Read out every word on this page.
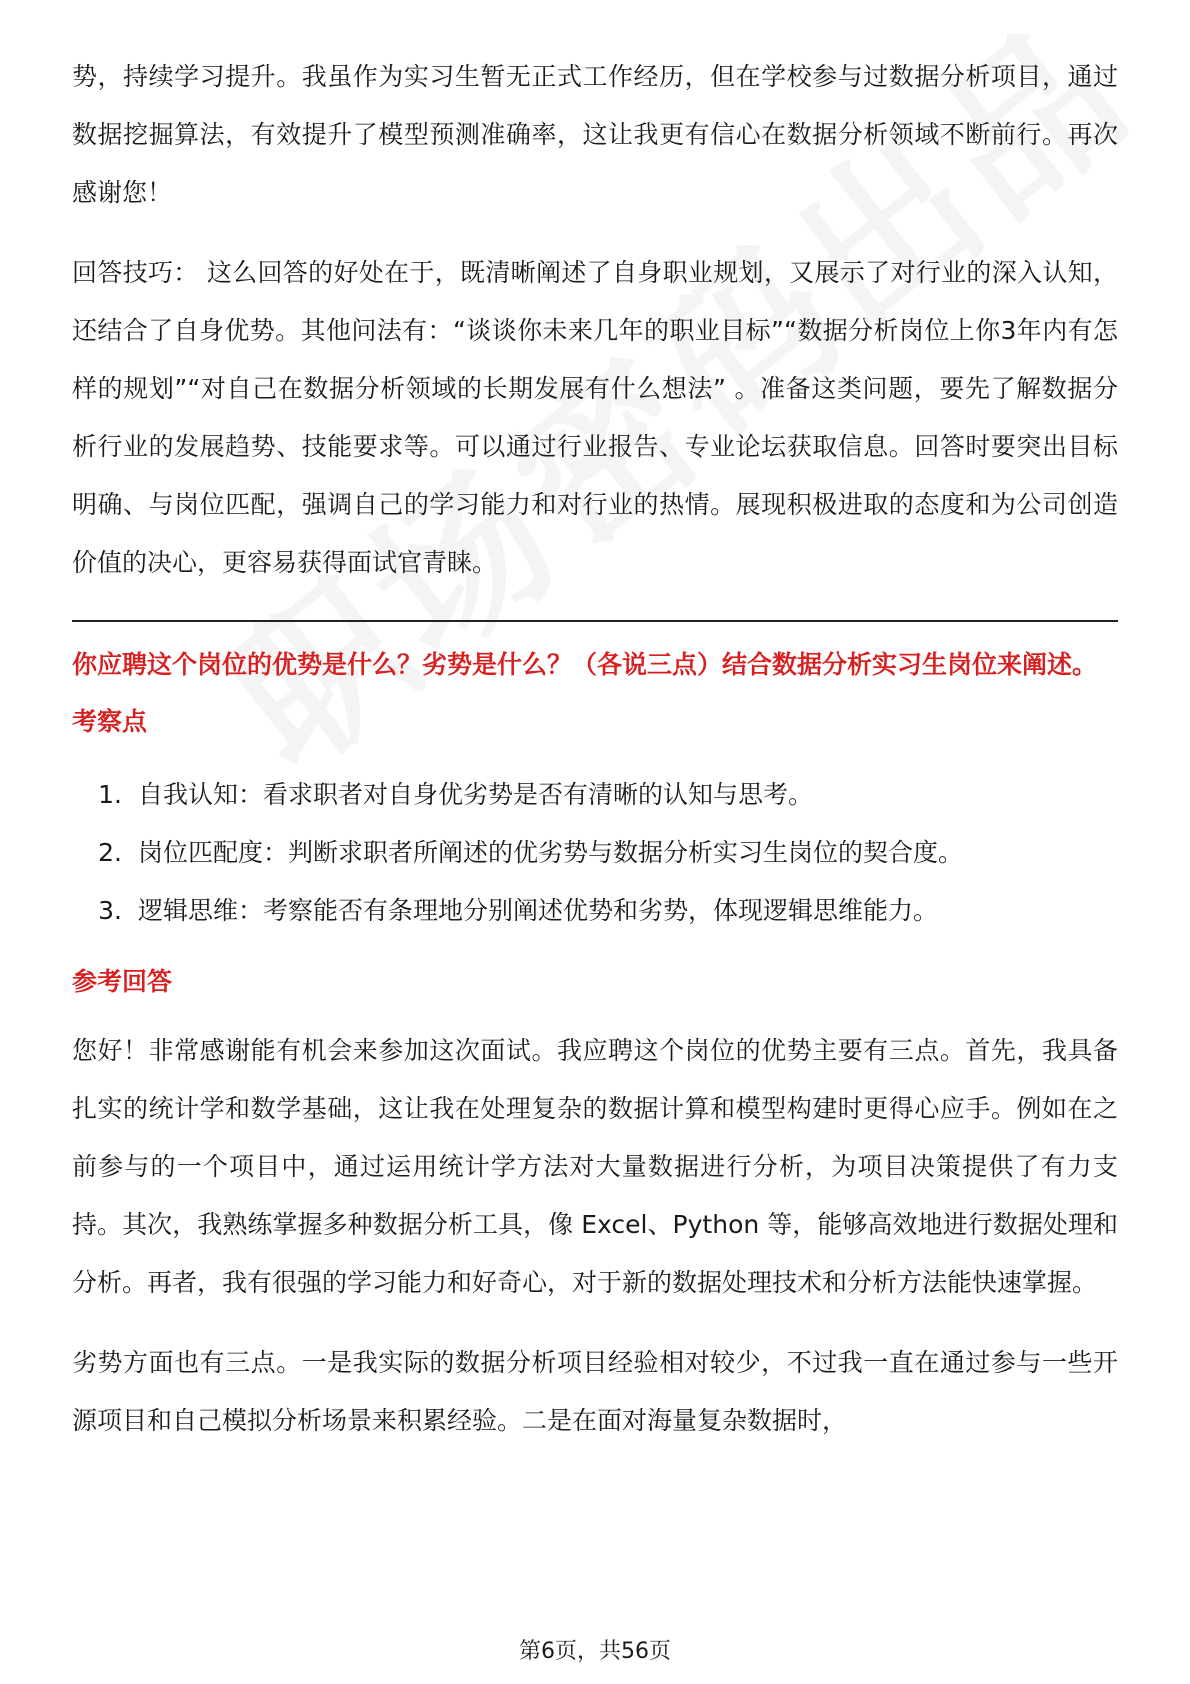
势，持续学习提升。我虽作为实习生暂无正式工作经历，但在学校参与过数据分析项目，通过数据挖掘算法，有效提升了模型预测准确率，这让我更有信心在数据分析领域不断前行。再次感谢您！

回答技巧： 这么回答的好处在于，既清晰阐述了自身职业规划，又展示了对行业的深入认知，还结合了自身优势。其他问法有：“谈谈你未来几年的职业目标”“数据分析岗位上你3年内有怎样的规划”“对自己在数据分析领域的长期发展有什么想法” 。准备这类问题，要先了解数据分析行业的发展趋势、技能要求等。可以通过行业报告、专业论坛获取信息。回答时要突出目标明确、与岗位匹配，强调自己的学习能力和对行业的热情。展现积极进取的态度和为公司创造价值的决心，更容易获得面试官青睐。

你应聘这个岗位的优势是什么？劣势是什么？（各说三点）结合数据分析实习生岗位来阐述。

考察点

1. 自我认知：看求职者对自身优劣势是否有清晰的认知与思考。
2. 岗位匹配度：判断求职者所阐述的优劣势与数据分析实习生岗位的契合度。
3. 逻辑思维：考察能否有条理地分别阐述优势和劣势，体现逻辑思维能力。

参考回答

您好！非常感谢能有机会来参加这次面试。我应聘这个岗位的优势主要有三点。首先，我具备扎实的统计学和数学基础，这让我在处理复杂的数据计算和模型构建时更得心应手。例如在之前参与的一个项目中，通过运用统计学方法对大量数据进行分析，为项目决策提供了有力支持。其次，我熟练掌握多种数据分析工具，像 Excel、Python 等，能够高效地进行数据处理和分析。再者，我有很强的学习能力和好奇心，对于新的数据处理技术和分析方法能快速掌握。

劣势方面也有三点。一是我实际的数据分析项目经验相对较少，不过我一直在通过参与一些开源项目和自己模拟分析场景来积累经验。二是在面对海量复杂数据时，

第6页，共56页
